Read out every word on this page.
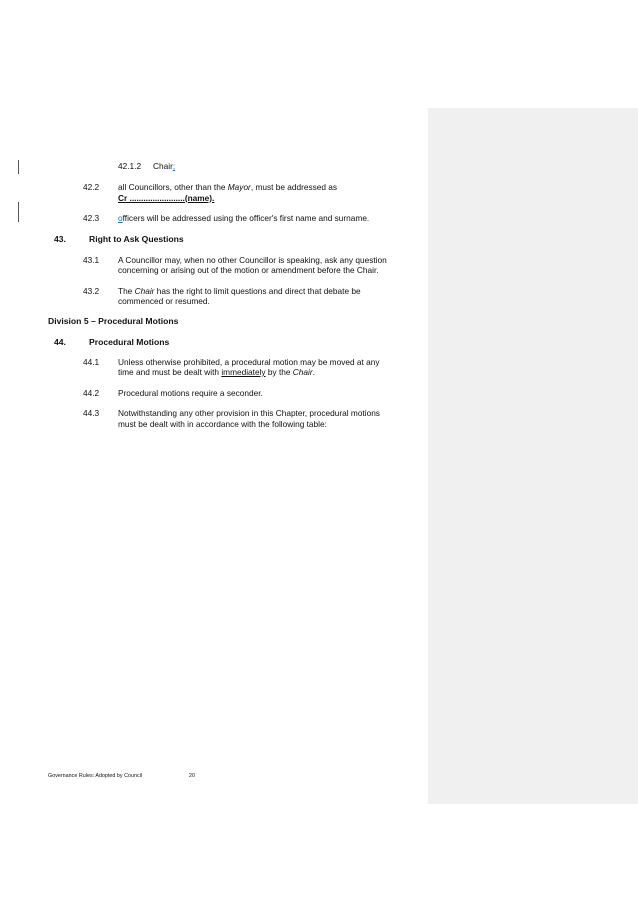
42.1.2 Chair;
42.2 all Councillors, other than the Mayor, must be addressed as
Cr ........................(name).
42.3 officers will be addressed using the officer's first name and surname.
43.	Right to Ask Questions
43.1 A Councillor may, when no other Councillor is speaking, ask any question
concerning or arising out of the motion or amendment before the Chair.
43.2 The Chair has the right to limit questions and direct that debate be
commenced or resumed.
Division 5 – Procedural Motions
44.	Procedural Motions
44.1 Unless otherwise prohibited, a procedural motion may be moved at any
time and must be dealt with immediately by the Chair.
44.2 Procedural motions require a seconder.
44.3 Notwithstanding any other provision in this Chapter, procedural motions
must be dealt with in accordance with the following table:
Governance Rules: Adopted by Council	20
